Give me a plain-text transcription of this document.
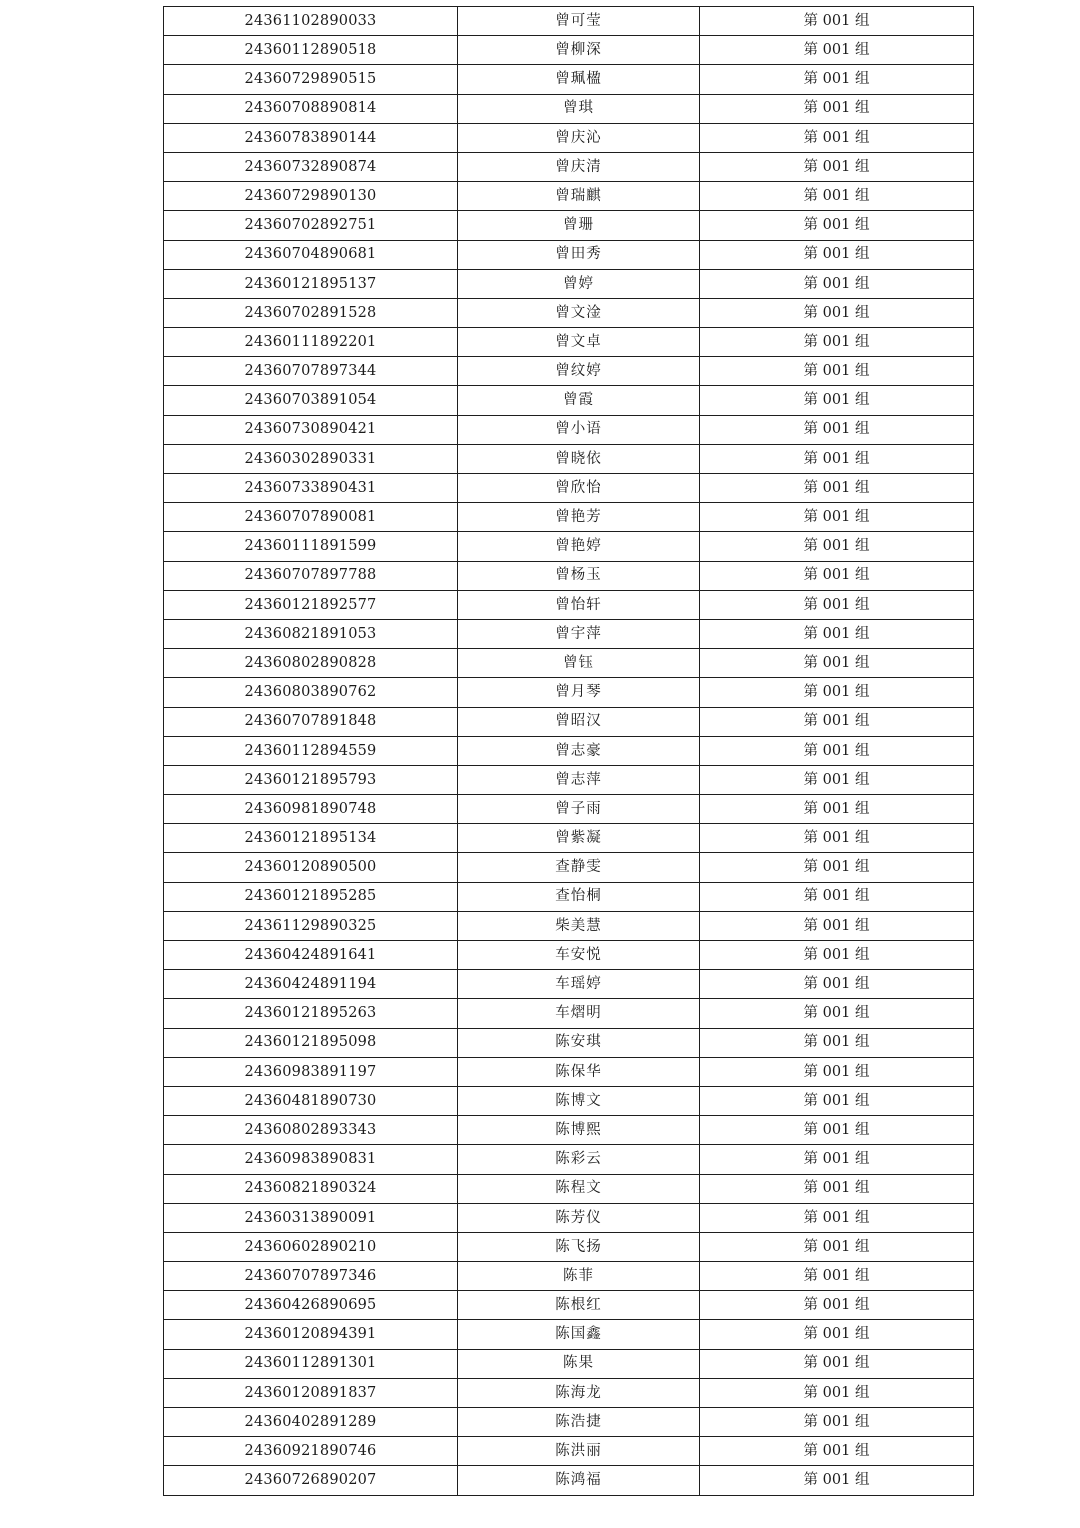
24361102890033	曾可莹	第 001 组
24360112890518	曾柳深	第 001 组
24360729890515	曾珮楹	第 001 组
24360708890814	曾琪	第 001 组
24360783890144	曾庆沁	第 001 组
24360732890874	曾庆清	第 001 组
24360729890130	曾瑞麒	第 001 组
24360702892751	曾珊	第 001 组
24360704890681	曾田秀	第 001 组
24360121895137	曾婷	第 001 组
24360702891528	曾文淦	第 001 组
24360111892201	曾文卓	第 001 组
24360707897344	曾纹婷	第 001 组
24360703891054	曾霞	第 001 组
24360730890421	曾小语	第 001 组
24360302890331	曾晓依	第 001 组
24360733890431	曾欣怡	第 001 组
24360707890081	曾艳芳	第 001 组
24360111891599	曾艳婷	第 001 组
24360707897788	曾杨玉	第 001 组
24360121892577	曾怡轩	第 001 组
24360821891053	曾宇萍	第 001 组
24360802890828	曾钰	第 001 组
24360803890762	曾月琴	第 001 组
24360707891848	曾昭汉	第 001 组
24360112894559	曾志豪	第 001 组
24360121895793	曾志萍	第 001 组
24360981890748	曾子雨	第 001 组
24360121895134	曾紫凝	第 001 组
24360120890500	查静雯	第 001 组
24360121895285	查怡桐	第 001 组
24361129890325	柴美慧	第 001 组
24360424891641	车安悦	第 001 组
24360424891194	车瑶婷	第 001 组
24360121895263	车熠明	第 001 组
24360121895098	陈安琪	第 001 组
24360983891197	陈保华	第 001 组
24360481890730	陈博文	第 001 组
24360802893343	陈博熙	第 001 组
24360983890831	陈彩云	第 001 组
24360821890324	陈程文	第 001 组
24360313890091	陈芳仪	第 001 组
24360602890210	陈飞扬	第 001 组
24360707897346	陈菲	第 001 组
24360426890695	陈根红	第 001 组
24360120894391	陈国鑫	第 001 组
24360112891301	陈果	第 001 组
24360120891837	陈海龙	第 001 组
24360402891289	陈浩捷	第 001 组
24360921890746	陈洪丽	第 001 组
24360726890207	陈鸿福	第 001 组
